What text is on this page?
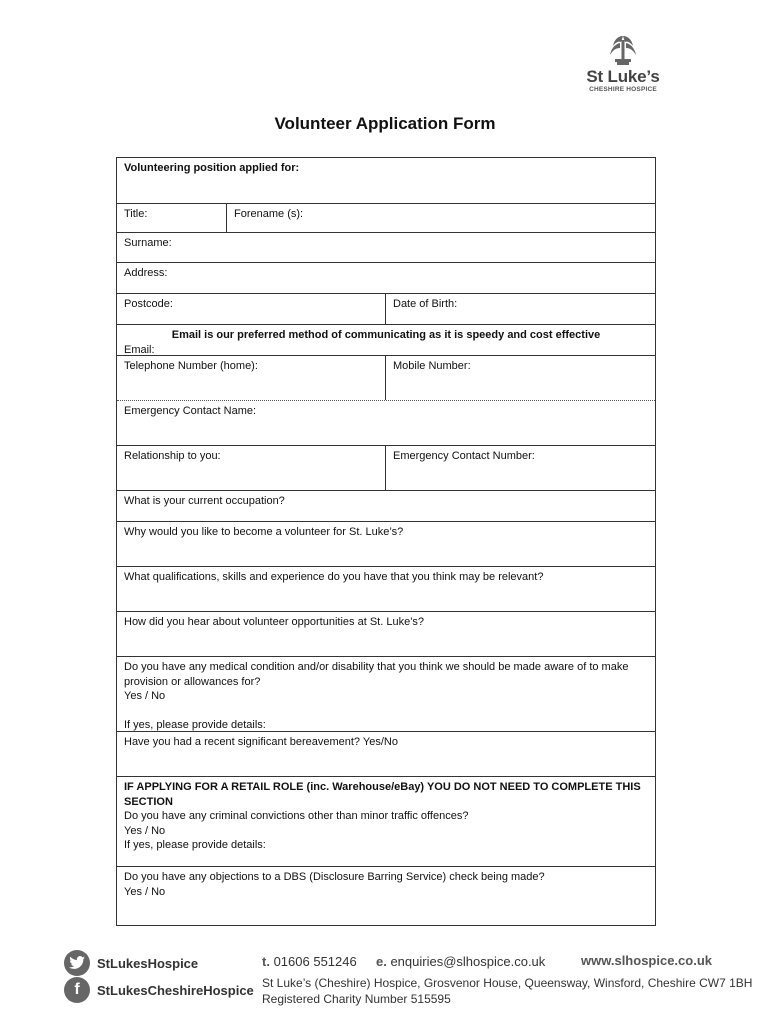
St Luke’s
CHESHIRE HOSPICE
Volunteer Application Form
Volunteering position applied for:
Title:	Forename (s):
Surname:
Address:
Postcode:	Date of Birth:
Email is our preferred method of communicating as it is speedy and cost effective
Email:
Telephone Number (home):	Mobile Number:
Emergency Contact Name:
Relationship to you:	Emergency Contact Number:
What is your current occupation?
Why would you like to become a volunteer for St. Luke’s?
What qualifications, skills and experience do you have that you think may be relevant?
How did you hear about volunteer opportunities at St. Luke’s?
Do you have any medical condition and/or disability that you think we should be made aware of to make provision or allowances for?
Yes / No
If yes, please provide details:
Have you had a recent significant bereavement? Yes/No
IF APPLYING FOR A RETAIL ROLE (inc. Warehouse/eBay) YOU DO NOT NEED TO COMPLETE THIS SECTION
Do you have any criminal convictions other than minor traffic offences?
Yes / No
If yes, please provide details:
Do you have any objections to a DBS (Disclosure Barring Service) check being made?
Yes / No
StLukesHospice
f	StLukesCheshireHospice
t. 01606 551246 e. enquiries@slhospice.co.uk	www.slhospice.co.uk
St Luke’s (Cheshire) Hospice, Grosvenor House, Queensway, Winsford, Cheshire CW7 1BH
Registered Charity Number 515595
